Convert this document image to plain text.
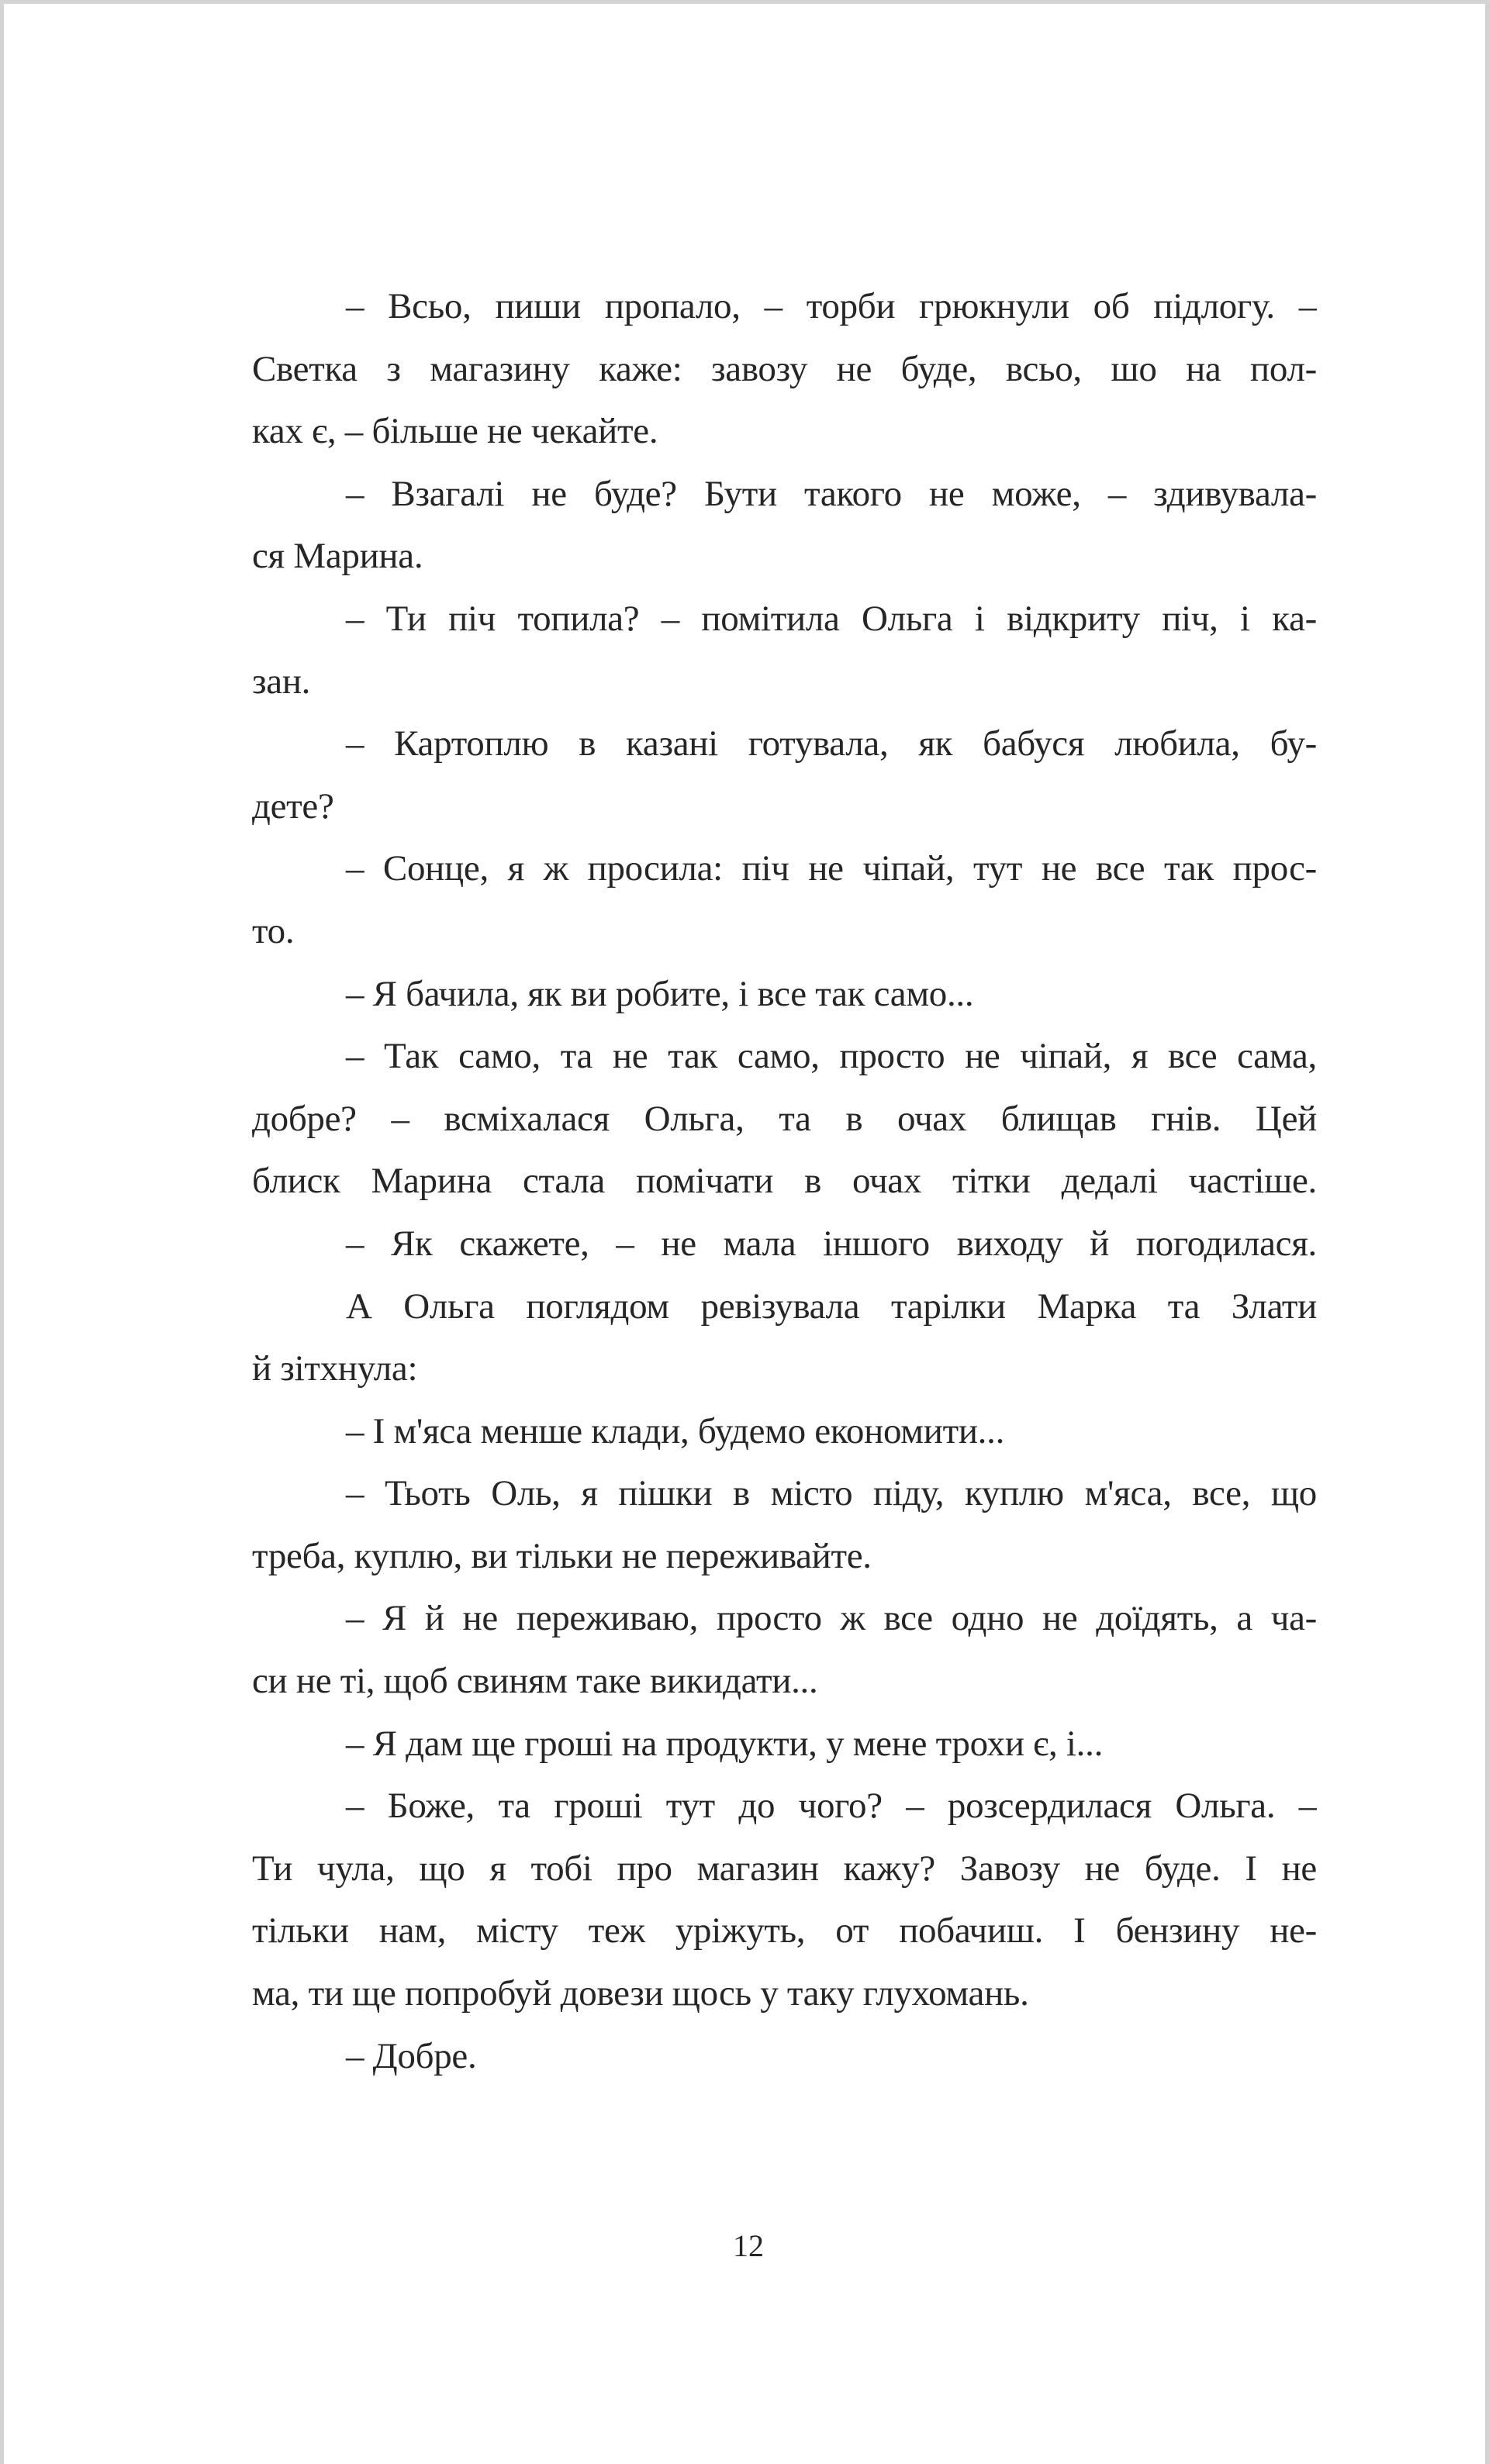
– Всьо, пиши пропало, – торби грюкнули об підлогу. –
Светка з магазину каже: завозу не буде, всьо, шо на пол-
ках є, – більше не чекайте.
– Взагалі не буде? Бути такого не може, – здивувала-
ся Марина.
– Ти піч топила? – помітила Ольга і відкриту піч, і ка-
зан.
– Картоплю в казані готувала, як бабуся любила, бу-
дете?
– Сонце, я ж просила: піч не чіпай, тут не все так прос-
то.
– Я бачила, як ви робите, і все так само...
– Так само, та не так само, просто не чіпай, я все сама,
добре? – всміхалася Ольга, та в очах блищав гнів. Цей
блиск Марина стала помічати в очах тітки дедалі частіше.
– Як скажете, – не мала іншого виходу й погодилася.
А Ольга поглядом ревізувала тарілки Марка та Злати
й зітхнула:
– І м'яса менше клади, будемо економити...
– Тьоть Оль, я пішки в місто піду, куплю м'яса, все, що
треба, куплю, ви тільки не переживайте.
– Я й не переживаю, просто ж все одно не доїдять, а ча-
си не ті, щоб свиням таке викидати...
– Я дам ще гроші на продукти, у мене трохи є, і...
– Боже, та гроші тут до чого? – розсердилася Ольга. –
Ти чула, що я тобі про магазин кажу? Завозу не буде. І не
тільки нам, місту теж уріжуть, от побачиш. І бензину не-
ма, ти ще попробуй довези щось у таку глухомань.
– Добре.
12
